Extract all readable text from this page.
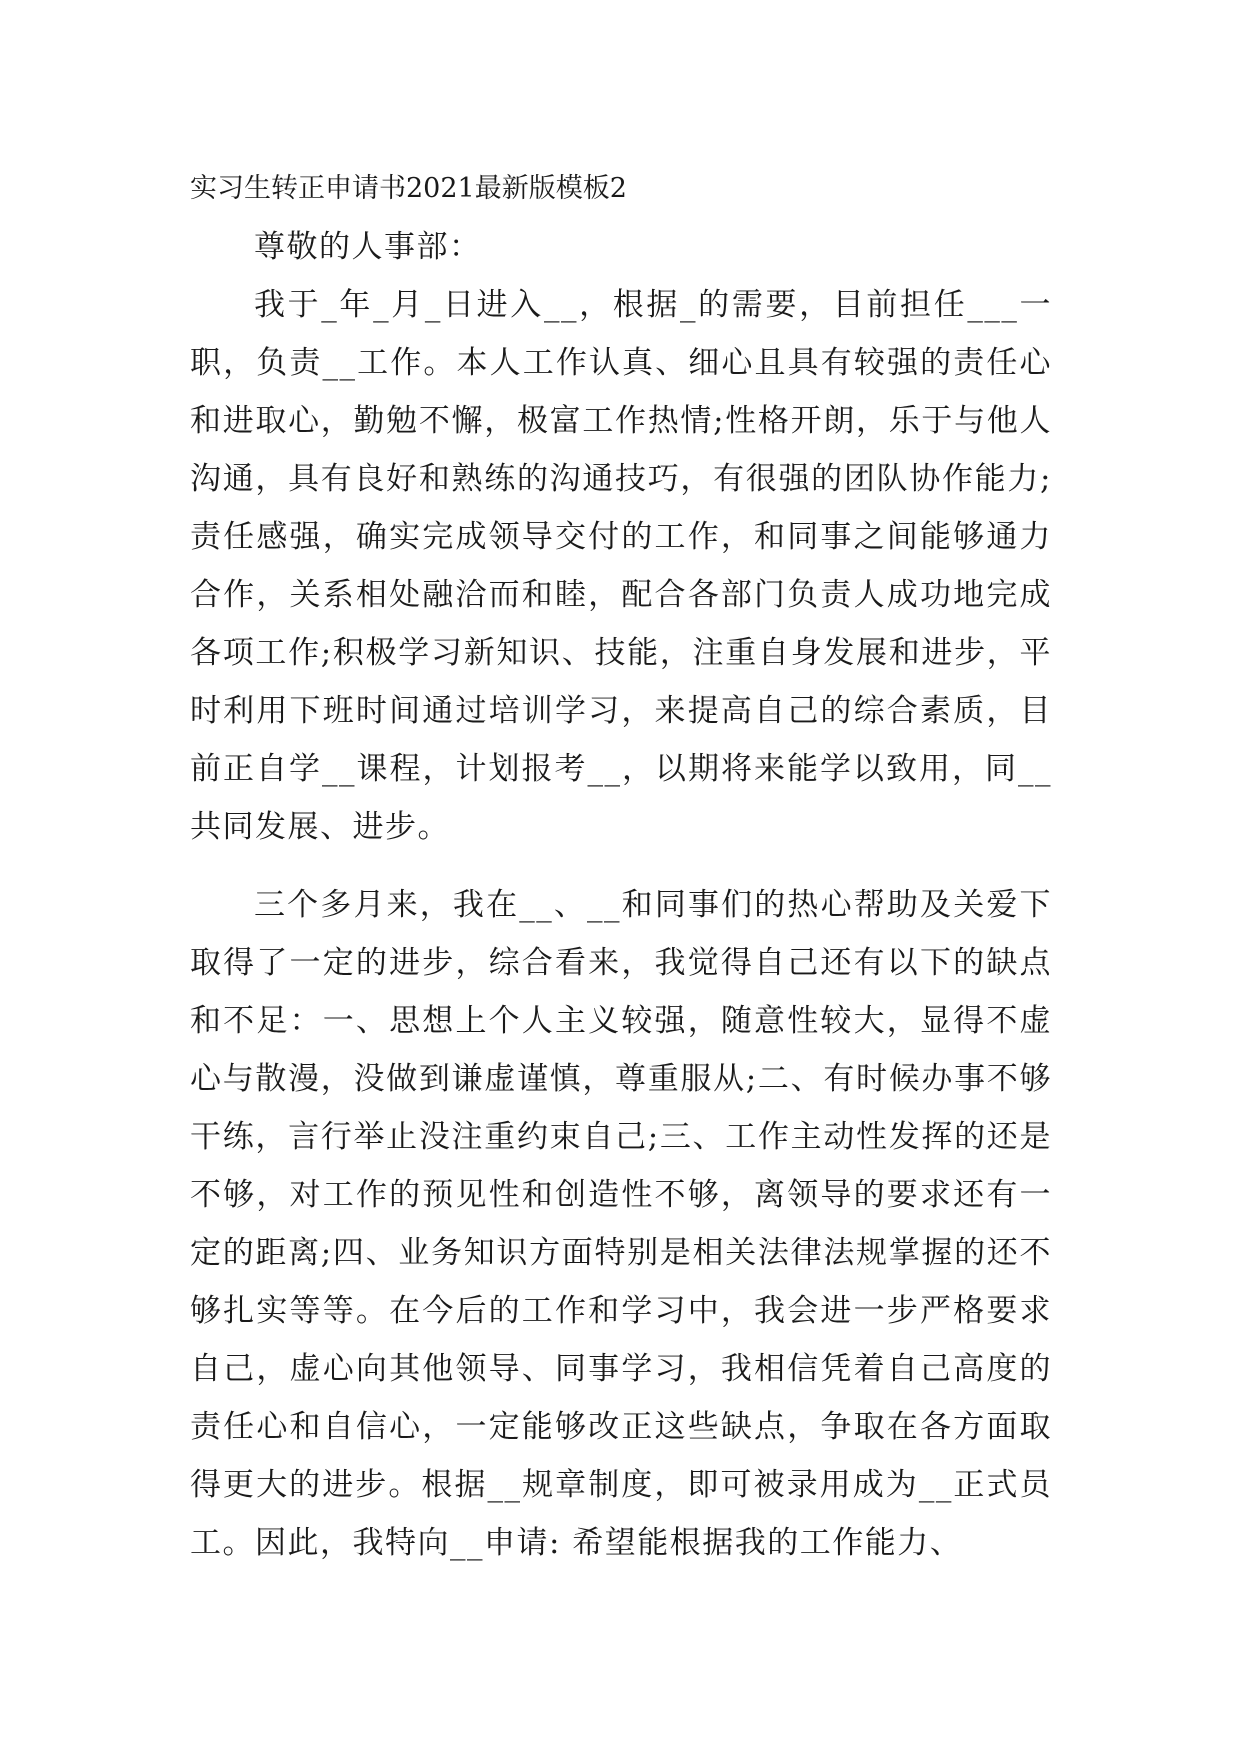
实习生转正申请书2021最新版模板2

尊敬的人事部：

我于_年_月_日进入__，根据_的需要，目前担任___一职，负责__工作。本人工作认真、细心且具有较强的责任心和进取心，勤勉不懈，极富工作热情;性格开朗，乐于与他人沟通，具有良好和熟练的沟通技巧，有很强的团队协作能力;责任感强，确实完成领导交付的工作，和同事之间能够通力合作，关系相处融洽而和睦，配合各部门负责人成功地完成各项工作;积极学习新知识、技能，注重自身发展和进步，平时利用下班时间通过培训学习，来提高自己的综合素质，目前正自学__课程，计划报考__，以期将来能学以致用，同__共同发展、进步。

三个多月来，我在__、__和同事们的热心帮助及关爱下取得了一定的进步，综合看来，我觉得自己还有以下的缺点和不足：一、思想上个人主义较强，随意性较大，显得不虚心与散漫，没做到谦虚谨慎，尊重服从;二、有时候办事不够干练，言行举止没注重约束自己;三、工作主动性发挥的还是不够，对工作的预见性和创造性不够，离领导的要求还有一定的距离;四、业务知识方面特别是相关法律法规掌握的还不够扎实等等。在今后的工作和学习中，我会进一步严格要求自己，虚心向其他领导、同事学习，我相信凭着自己高度的责任心和自信心，一定能够改正这些缺点，争取在各方面取得更大的进步。根据__规章制度，即可被录用成为__正式员工。因此，我特向__申请: 希望能根据我的工作能力、
